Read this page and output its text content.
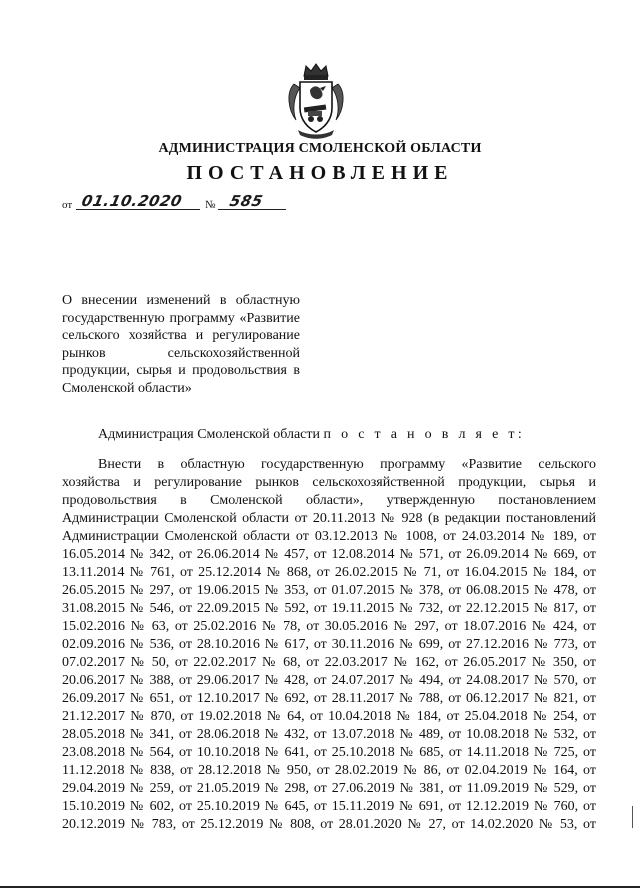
АДМИНИСТРАЦИЯ СМОЛЕНСКОЙ ОБЛАСТИ
ПОСТАНОВЛЕНИЕ
от 01.10.2020 № 585
О внесении изменений в областную государственную программу «Развитие сельского хозяйства и регулирование рынков сельскохозяйственной продукции, сырья и продовольствия в Смоленской области»
Администрация Смоленской области п о с т а н о в л я е т:
Внести в областную государственную программу «Развитие сельского
хозяйства и регулирование рынков сельскохозяйственной продукции, сырья и
продовольствия в Смоленской области», утвержденную постановлением
Администрации Смоленской области от 20.11.2013 № 928 (в редакции постановлений
Администрации Смоленской области от 03.12.2013 № 1008, от 24.03.2014 № 189, от
16.05.2014 № 342, от 26.06.2014 № 457, от 12.08.2014 № 571, от 26.09.2014 № 669, от
13.11.2014 № 761, от 25.12.2014 № 868, от 26.02.2015 № 71, от 16.04.2015 № 184, от
26.05.2015 № 297, от 19.06.2015 № 353, от 01.07.2015 № 378, от 06.08.2015 № 478, от
31.08.2015 № 546, от 22.09.2015 № 592, от 19.11.2015 № 732, от 22.12.2015 № 817, от
15.02.2016 № 63, от 25.02.2016 № 78, от 30.05.2016 № 297, от 18.07.2016 № 424, от
02.09.2016 № 536, от 28.10.2016 № 617, от 30.11.2016 № 699, от 27.12.2016 № 773, от
07.02.2017 № 50, от 22.02.2017 № 68, от 22.03.2017 № 162, от 26.05.2017 № 350, от
20.06.2017 № 388, от 29.06.2017 № 428, от 24.07.2017 № 494, от 24.08.2017 № 570, от
26.09.2017 № 651, от 12.10.2017 № 692, от 28.11.2017 № 788, от 06.12.2017 № 821, от
21.12.2017 № 870, от 19.02.2018 № 64, от 10.04.2018 № 184, от 25.04.2018 № 254, от
28.05.2018 № 341, от 28.06.2018 № 432, от 13.07.2018 № 489, от 10.08.2018 № 532, от
23.08.2018 № 564, от 10.10.2018 № 641, от 25.10.2018 № 685, от 14.11.2018 № 725, от
11.12.2018 № 838, от 28.12.2018 № 950, от 28.02.2019 № 86, от 02.04.2019 № 164, от
29.04.2019 № 259, от 21.05.2019 № 298, от 27.06.2019 № 381, от 11.09.2019 № 529, от
15.10.2019 № 602, от 25.10.2019 № 645, от 15.11.2019 № 691, от 12.12.2019 № 760, от
20.12.2019 № 783, от 25.12.2019 № 808, от 28.01.2020 № 27, от 14.02.2020 № 53, от
